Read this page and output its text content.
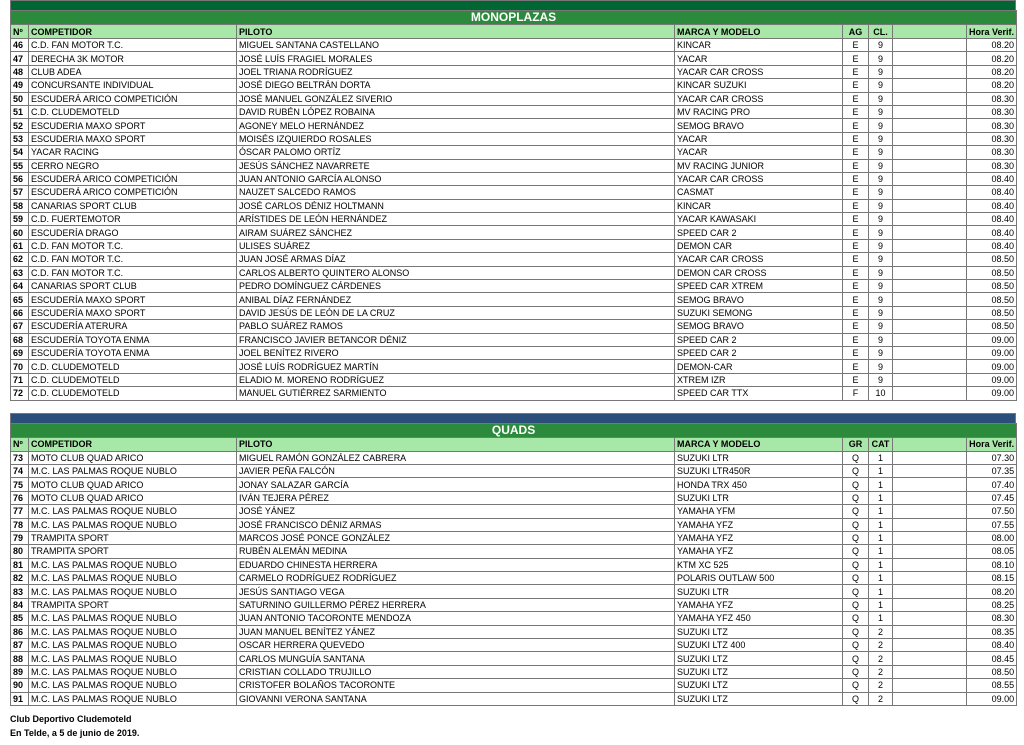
MONOPLAZAS							
Nº	COMPETIDOR	PILOTO	MARCA Y MODELO	AG	CL.		Hora Verif.
46	C.D. FAN MOTOR T.C.	MIGUEL SANTANA CASTELLANO	KINCAR	E	9		08.20
47	DERECHA 3K MOTOR	JOSÉ LUÍS FRAGIEL MORALES	YACAR	E	9		08.20
48	CLUB ADEA	JOEL TRIANA RODRÍGUEZ	YACAR CAR CROSS	E	9		08.20
49	CONCURSANTE INDIVIDUAL	JOSÉ DIEGO BELTRÁN DORTA	KINCAR SUZUKI	E	9		08.20
50	ESCUDERÁ ARICO COMPETICIÓN	JOSÉ MANUEL GONZÁLEZ SIVERIO	YACAR CAR CROSS	E	9		08.30
51	C.D. CLUDEMOTELD	DAVID RUBÉN LÓPEZ ROBAINA	MV RACING PRO	E	9		08.30
52	ESCUDERIA MAXO SPORT	AGONEY MELO HERNÁNDEZ	SEMOG BRAVO	E	9		08.30
53	ESCUDERIA MAXO SPORT	MOISÉS IZQUIERDO ROSALES	YACAR	E	9		08.30
54	YACAR RACING	ÓSCAR PALOMO ORTÍZ	YACAR	E	9		08.30
55	CERRO NEGRO	JESÚS SÁNCHEZ NAVARRETE	MV RACING JUNIOR	E	9		08.30
56	ESCUDERÁ ARICO COMPETICIÓN	JUAN ANTONIO GARCÍA ALONSO	YACAR CAR CROSS	E	9		08.40
57	ESCUDERÁ ARICO COMPETICIÓN	NAUZET SALCEDO RAMOS	CASMAT	E	9		08.40
58	CANARIAS SPORT CLUB	JOSÉ CARLOS DÉNIZ HOLTMANN	KINCAR	E	9		08.40
59	C.D. FUERTEMOTOR	ARÍSTIDES DE LEÓN HERNÁNDEZ	YACAR KAWASAKI	E	9		08.40
60	ESCUDERÍA DRAGO	AIRAM SUÁREZ SÁNCHEZ	SPEED CAR 2	E	9		08.40
61	C.D. FAN MOTOR T.C.	ULISES SUÁREZ	DEMON CAR	E	9		08.40
62	C.D. FAN MOTOR T.C.	JUAN JOSÉ ARMAS DÍAZ	YACAR CAR CROSS	E	9		08.50
63	C.D. FAN MOTOR T.C.	CARLOS ALBERTO QUINTERO ALONSO	DEMON CAR CROSS	E	9		08.50
64	CANARIAS SPORT CLUB	PEDRO DOMÍNGUEZ CÁRDENES	SPEED CAR XTREM	E	9		08.50
65	ESCUDERÍA MAXO SPORT	ANIBAL DÍAZ FERNÁNDEZ	SEMOG BRAVO	E	9		08.50
66	ESCUDERÍA MAXO SPORT	DAVID JESÚS DE LEÓN DE LA CRUZ	SUZUKI SEMONG	E	9		08.50
67	ESCUDERÍA ATERURA	PABLO SUÁREZ RAMOS	SEMOG BRAVO	E	9		08.50
68	ESCUDERÍA TOYOTA ENMA	FRANCISCO JAVIER BETANCOR DÉNIZ	SPEED CAR 2	E	9		09.00
69	ESCUDERÍA TOYOTA ENMA	JOEL BENÍTEZ RIVERO	SPEED CAR 2	E	9		09.00
70	C.D. CLUDEMOTELD	JOSÉ LUÍS RODRÍGUEZ MARTÍN	DEMON-CAR	E	9		09.00
71	C.D. CLUDEMOTELD	ELADIO M. MORENO RODRÍGUEZ	XTREM IZR	E	9		09.00
72	C.D. CLUDEMOTELD	MANUEL GUTIÉRREZ SARMIENTO	SPEED CAR TTX	F	10		09.00
QUADS							
Nº	COMPETIDOR	PILOTO	MARCA Y MODELO	GR	CAT		Hora Verif.
73	MOTO CLUB QUAD ARICO	MIGUEL RAMÓN GONZÁLEZ CABRERA	SUZUKI LTR	Q	1		07.30
74	M.C. LAS PALMAS ROQUE NUBLO	JAVIER PEÑA FALCÓN	SUZUKI LTR450R	Q	1		07.35
75	MOTO CLUB QUAD ARICO	JONAY SALAZAR GARCÍA	HONDA TRX 450	Q	1		07.40
76	MOTO CLUB QUAD ARICO	IVÁN TEJERA PÉREZ	SUZUKI LTR	Q	1		07.45
77	M.C. LAS PALMAS ROQUE NUBLO	JOSÉ YÁNEZ	YAMAHA YFM	Q	1		07.50
78	M.C. LAS PALMAS ROQUE NUBLO	JOSÉ FRANCISCO DÉNIZ ARMAS	YAMAHA YFZ	Q	1		07.55
79	TRAMPITA SPORT	MARCOS JOSÉ PONCE GONZÁLEZ	YAMAHA YFZ	Q	1		08.00
80	TRAMPITA SPORT	RUBÉN ALEMÁN MEDINA	YAMAHA YFZ	Q	1		08.05
81	M.C. LAS PALMAS ROQUE NUBLO	EDUARDO CHINESTA HERRERA	KTM XC 525	Q	1		08.10
82	M.C. LAS PALMAS ROQUE NUBLO	CARMELO RODRÍGUEZ RODRÍGUEZ	POLARIS OUTLAW 500	Q	1		08.15
83	M.C. LAS PALMAS ROQUE NUBLO	JESÚS SANTIAGO VEGA	SUZUKI LTR	Q	1		08.20
84	TRAMPITA SPORT	SATURNINO GUILLERMO PÉREZ HERRERA	YAMAHA YFZ	Q	1		08.25
85	M.C. LAS PALMAS ROQUE NUBLO	JUAN ANTONIO TACORONTE MENDOZA	YAMAHA YFZ 450	Q	1		08.30
86	M.C. LAS PALMAS ROQUE NUBLO	JUAN MANUEL BENÍTEZ YÁNEZ	SUZUKI LTZ	Q	2		08.35
87	M.C. LAS PALMAS ROQUE NUBLO	OSCAR HERRERA QUEVEDO	SUZUKI LTZ 400	Q	2		08.40
88	M.C. LAS PALMAS ROQUE NUBLO	CARLOS MUNGUÍA SANTANA	SUZUKI LTZ	Q	2		08.45
89	M.C. LAS PALMAS ROQUE NUBLO	CRISTIAN COLLADO TRUJILLO	SUZUKI LTZ	Q	2		08.50
90	M.C. LAS PALMAS ROQUE NUBLO	CRISTOFER BOLAÑOS TACORONTE	SUZUKI LTZ	Q	2		08.55
91	M.C. LAS PALMAS ROQUE NUBLO	GIOVANNI VERONA SANTANA	SUZUKI LTZ	Q	2		09.00
Club Deportivo Cludemoteld
En Telde, a 5 de junio de 2019.
